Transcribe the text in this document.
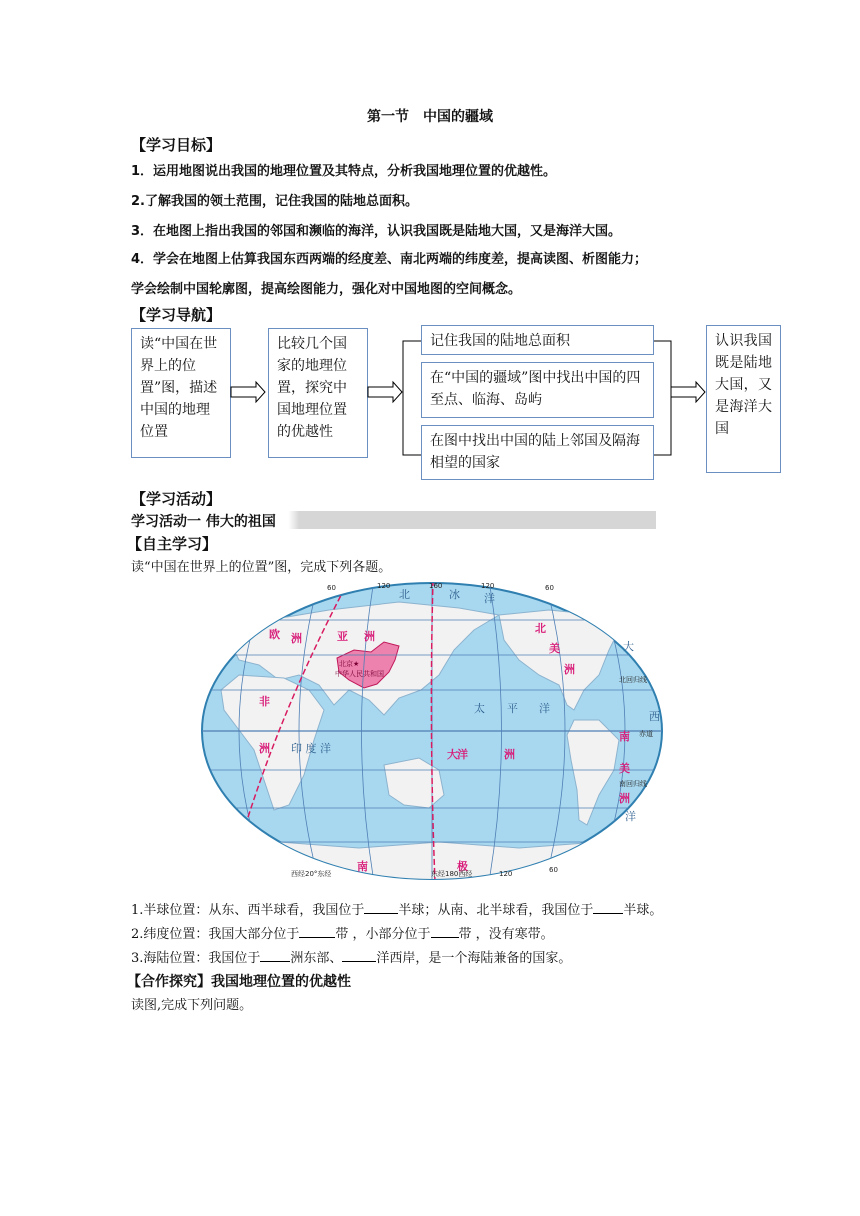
第一节　中国的疆域
【学习目标】
1．运用地图说出我国的地理位置及其特点，分析我国地理位置的优越性。
2.了解我国的领土范围，记住我国的陆地总面积。
3．在地图上指出我国的邻国和濒临的海洋，认识我国既是陆地大国，又是海洋大国。
4．学会在地图上估算我国东西两端的经度差、南北两端的纬度差，提高读图、析图能力；
学会绘制中国轮廓图，提高绘图能力，强化对中国地图的空间概念。
【学习导航】
读“中国在世界上的位置”图，描述中国的地理位置
比较几个国家的地理位置，探究中国地理位置的优越性
记住我国的陆地总面积
在“中国的疆域”图中找出中国的四至点、临海、岛屿
在图中找出中国的陆上邻国及隔海相望的国家
认识我国既是陆地大国，又是海洋大国
【学习活动】
学习活动一 伟大的祖国
【自主学习】
读“中国在世界上的位置”图，完成下列各题。
欧 洲	亚 洲
非
洲
北
美
洲
南
美
洲
大 洋	洲
南	极
北	冰 洋
太 平 洋
大
西
洋
印 度 洋
北京★
中华人民共和国
赤道
北回归线
南回归线
西经20°东经	东经180西经
60	120	160	120	60
120	60
1.半球位置：从东、西半球看，我国位于	半球；从南、北半球看，我国位于 半球。
2.纬度位置：我国大部分位于	带 ，小部分位于 带 ，没有寒带。
3.海陆位置：我国位于 洲东部、	洋西岸，是一个海陆兼备的国家。
【合作探究】我国地理位置的优越性
读图,完成下列问题。
